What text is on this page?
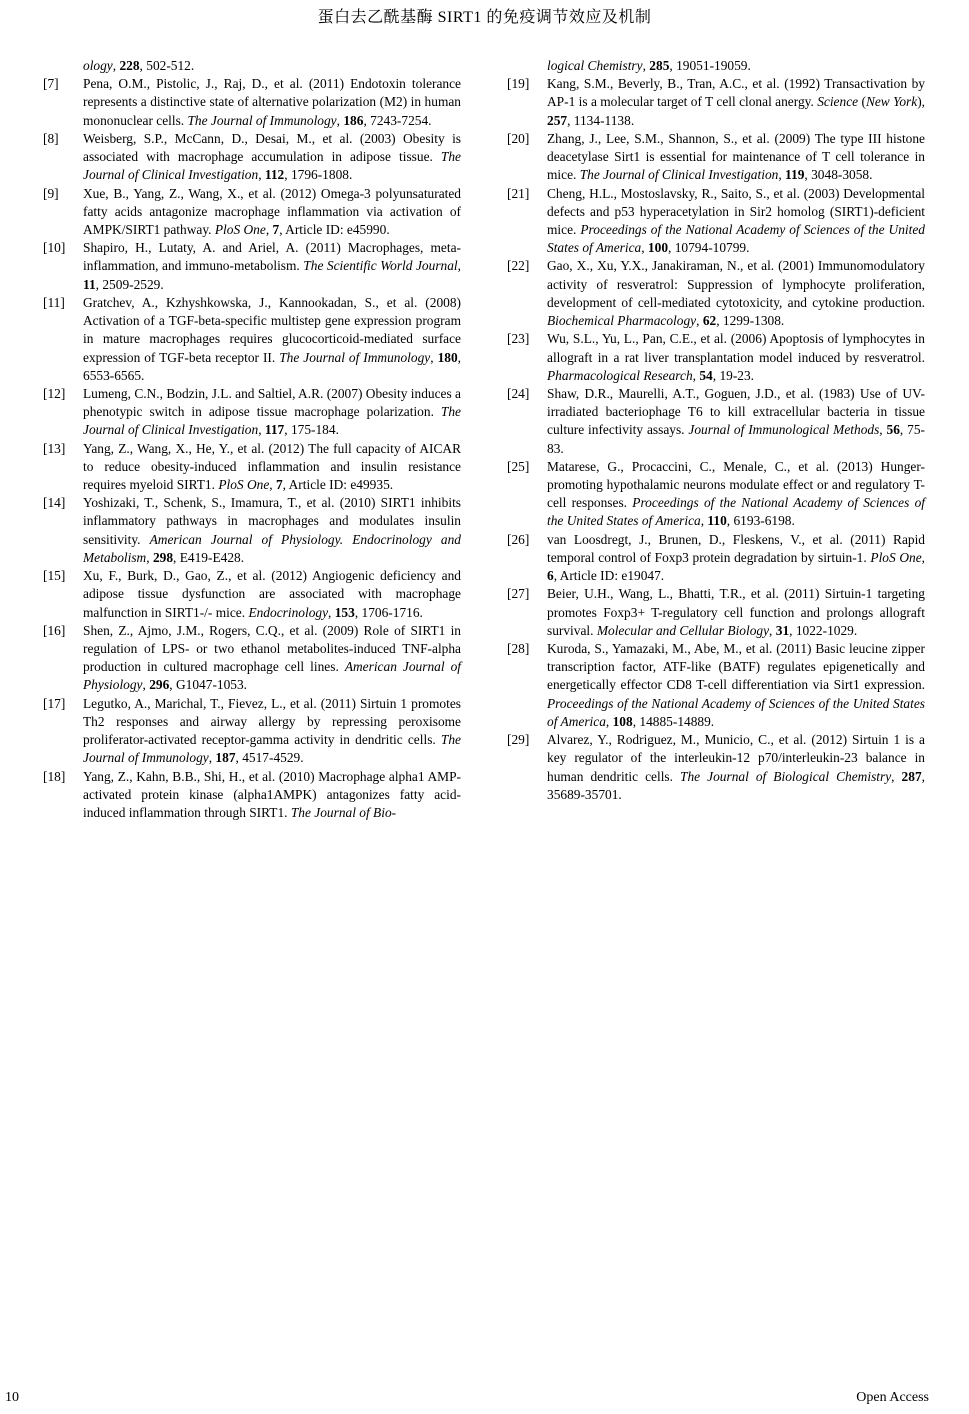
蛋白去乙酰基酶 SIRT1 的免疫调节效应及机制

ology, 228, 502-512.

[7] Pena, O.M., Pistolic, J., Raj, D., et al. (2011) Endotoxin tolerance represents a distinctive state of alternative polarization (M2) in human mononuclear cells. The Journal of Immunology, 186, 7243-7254.
[8] Weisberg, S.P., McCann, D., Desai, M., et al. (2003) Obesity is associated with macrophage accumulation in adipose tissue. The Journal of Clinical Investigation, 112, 1796-1808.
[9] Xue, B., Yang, Z., Wang, X., et al. (2012) Omega-3 polyunsaturated fatty acids antagonize macrophage inflammation via activation of AMPK/SIRT1 pathway. PloS One, 7, Article ID: e45990.
[10] Shapiro, H., Lutaty, A. and Ariel, A. (2011) Macrophages, meta-inflammation, and immuno-metabolism. The Scientific World Journal, 11, 2509-2529.
[11] Gratchev, A., Kzhyshkowska, J., Kannookadan, S., et al. (2008) Activation of a TGF-beta-specific multistep gene expression program in mature macrophages requires glucocorticoid-mediated surface expression of TGF-beta receptor II. The Journal of Immunology, 180, 6553-6565.
[12] Lumeng, C.N., Bodzin, J.L. and Saltiel, A.R. (2007) Obesity induces a phenotypic switch in adipose tissue macrophage polarization. The Journal of Clinical Investigation, 117, 175-184.
[13] Yang, Z., Wang, X., He, Y., et al. (2012) The full capacity of AICAR to reduce obesity-induced inflammation and insulin resistance requires myeloid SIRT1. PloS One, 7, Article ID: e49935.
[14] Yoshizaki, T., Schenk, S., Imamura, T., et al. (2010) SIRT1 inhibits inflammatory pathways in macrophages and modulates insulin sensitivity. American Journal of Physiology. Endocrinology and Metabolism, 298, E419-E428.
[15] Xu, F., Burk, D., Gao, Z., et al. (2012) Angiogenic deficiency and adipose tissue dysfunction are associated with macrophage malfunction in SIRT1-/- mice. Endocrinology, 153, 1706-1716.
[16] Shen, Z., Ajmo, J.M., Rogers, C.Q., et al. (2009) Role of SIRT1 in regulation of LPS- or two ethanol metabolites-induced TNF-alpha production in cultured macrophage cell lines. American Journal of Physiology, 296, G1047-1053.
[17] Legutko, A., Marichal, T., Fievez, L., et al. (2011) Sirtuin 1 promotes Th2 responses and airway allergy by repressing peroxisome proliferator-activated receptor-gamma activity in dendritic cells. The Journal of Immunology, 187, 4517-4529.
[18] Yang, Z., Kahn, B.B., Shi, H., et al. (2010) Macrophage alpha1 AMP-activated protein kinase (alpha1AMPK) antagonizes fatty acid-induced inflammation through SIRT1. The Journal of Bio-

logical Chemistry, 285, 19051-19059.

[19] Kang, S.M., Beverly, B., Tran, A.C., et al. (1992) Transactivation by AP-1 is a molecular target of T cell clonal anergy. Science (New York), 257, 1134-1138.
[20] Zhang, J., Lee, S.M., Shannon, S., et al. (2009) The type III histone deacetylase Sirt1 is essential for maintenance of T cell tolerance in mice. The Journal of Clinical Investigation, 119, 3048-3058.
[21] Cheng, H.L., Mostoslavsky, R., Saito, S., et al. (2003) Developmental defects and p53 hyperacetylation in Sir2 homolog (SIRT1)-deficient mice. Proceedings of the National Academy of Sciences of the United States of America, 100, 10794-10799.
[22] Gao, X., Xu, Y.X., Janakiraman, N., et al. (2001) Immunomodulatory activity of resveratrol: Suppression of lymphocyte proliferation, development of cell-mediated cytotoxicity, and cytokine production. Biochemical Pharmacology, 62, 1299-1308.
[23] Wu, S.L., Yu, L., Pan, C.E., et al. (2006) Apoptosis of lymphocytes in allograft in a rat liver transplantation model induced by resveratrol. Pharmacological Research, 54, 19-23.
[24] Shaw, D.R., Maurelli, A.T., Goguen, J.D., et al. (1983) Use of UV-irradiated bacteriophage T6 to kill extracellular bacteria in tissue culture infectivity assays. Journal of Immunological Methods, 56, 75-83.
[25] Matarese, G., Procaccini, C., Menale, C., et al. (2013) Hunger-promoting hypothalamic neurons modulate effect or and regulatory T-cell responses. Proceedings of the National Academy of Sciences of the United States of America, 110, 6193-6198.
[26] van Loosdregt, J., Brunen, D., Fleskens, V., et al. (2011) Rapid temporal control of Foxp3 protein degradation by sirtuin-1. PloS One, 6, Article ID: e19047.
[27] Beier, U.H., Wang, L., Bhatti, T.R., et al. (2011) Sirtuin-1 targeting promotes Foxp3+ T-regulatory cell function and prolongs allograft survival. Molecular and Cellular Biology, 31, 1022-1029.
[28] Kuroda, S., Yamazaki, M., Abe, M., et al. (2011) Basic leucine zipper transcription factor, ATF-like (BATF) regulates epigenetically and energetically effector CD8 T-cell differentiation via Sirt1 expression. Proceedings of the National Academy of Sciences of the United States of America, 108, 14885-14889.
[29] Alvarez, Y., Rodriguez, M., Municio, C., et al. (2012) Sirtuin 1 is a key regulator of the interleukin-12 p70/interleukin-23 balance in human dendritic cells. The Journal of Biological Chemistry, 287, 35689-35701.
10	Open Access
